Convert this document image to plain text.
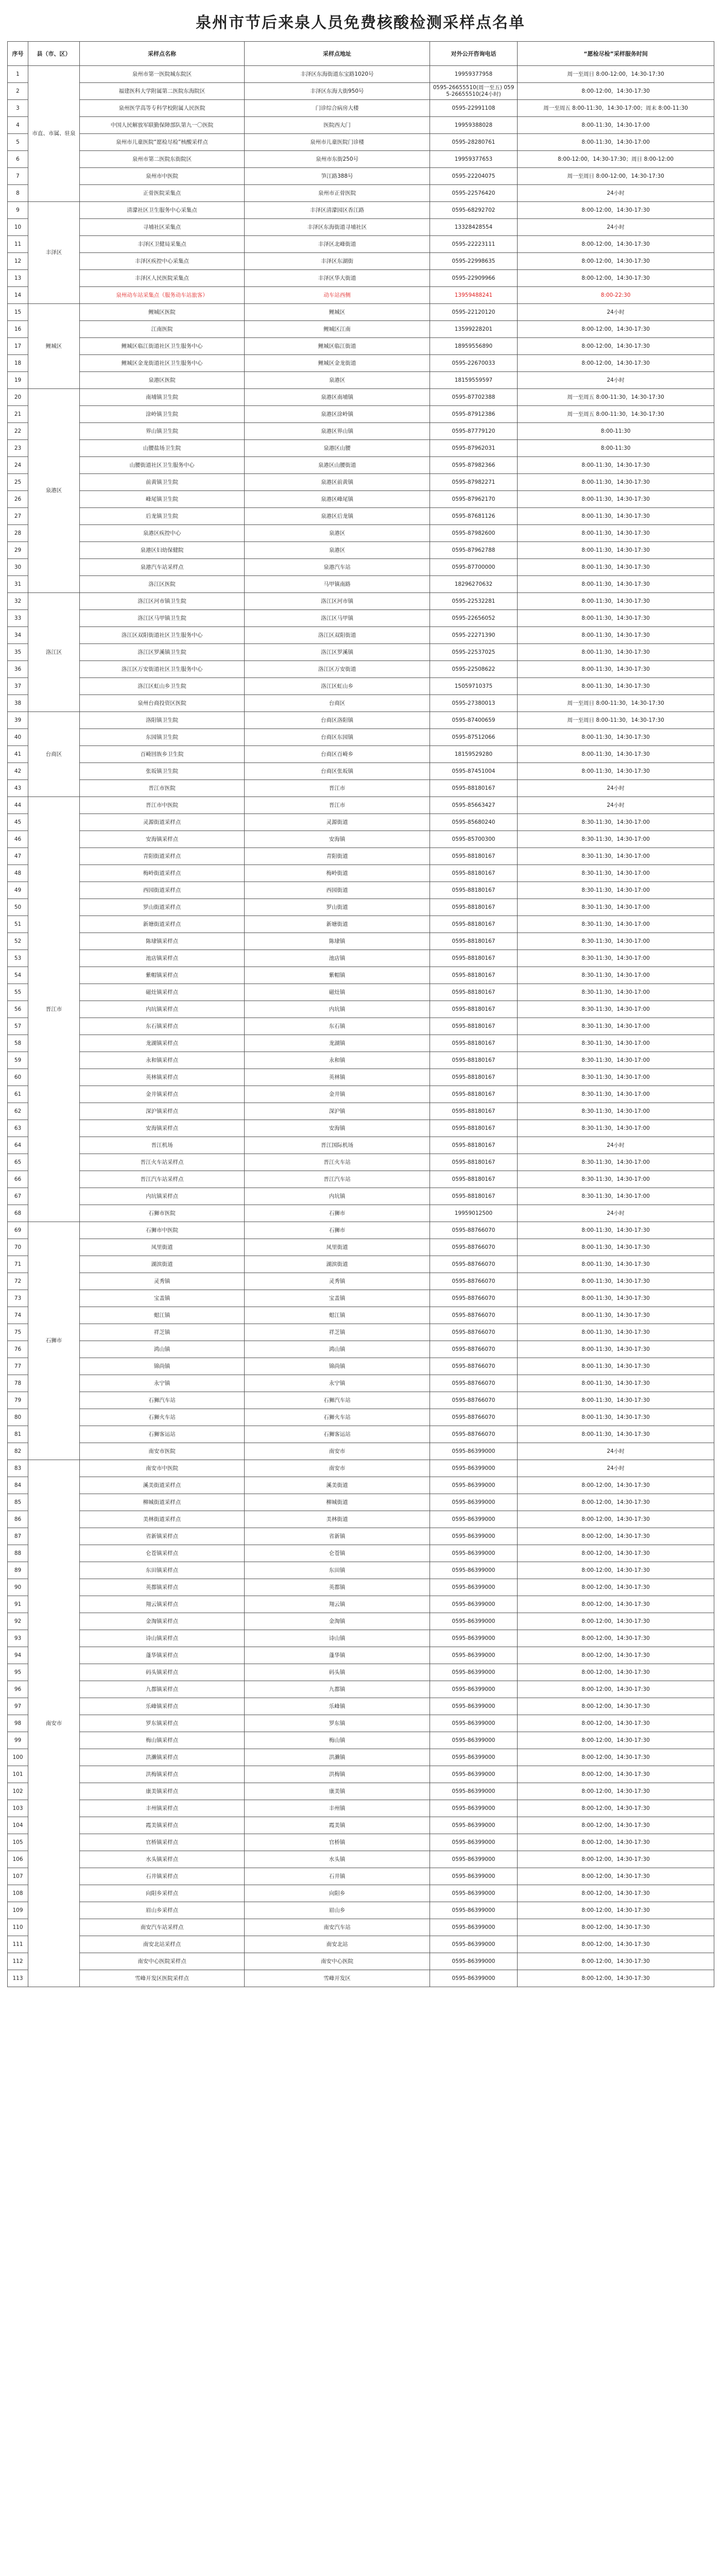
泉州市节后来泉人员免费核酸检测采样点名单
序号	县（市、区）	采样点名称	采样点地址	对外公开咨询电话	“愿检尽检”采样服务时间
1	市直、市属、驻泉	泉州市第一医院城东院区	丰泽区东海街道东宝路1020号	19959377958	周一至周日 8:00-12:00，14:30-17:30
2		福建医科大学附属第二医院东海院区	丰泽区东海大街950号	0595-26655510(周一至五) 0595-26655510(24小时)	8:00-12:00，14:30-17:30
3		泉州医学高等专科学校附属人民医院	门诊综合病房大楼	0595-22991108	周一至周五 8:00-11:30，14:30-17:00；周末 8:00-11:30
4		中国人民解放军联勤保障部队第九一〇医院	医院西大门	19959388028	8:00-11:30，14:30-17:00
5		泉州市儿童医院“愿检尽检”核酸采样点	泉州市儿童医院门诊楼	0595-28280761	8:00-11:30，14:30-17:00
6		泉州市第二医院东街院区	泉州市东街250号	19959377653	8:00-12:00，14:30-17:30；周日 8:00-12:00
7		泉州市中医院	笋江路388号	0595-22204075	周一至周日 8:00-12:00，14:30-17:30
8		正骨医院采集点	泉州市正骨医院	0595-22576420	24小时
9	丰泽区	清濛社区卫生服务中心采集点	丰泽区清濛园区香江路	0595-68292702	8:00-12:00，14:30-17:30
10		寻埔社区采集点	丰泽区东海街道寻埔社区	13328428554	24小时
11		丰泽区卫健局采集点	丰泽区北峰街道	0595-22223111	8:00-12:00，14:30-17:30
12		丰泽区疾控中心采集点	丰泽区东湖街	0595-22998635	8:00-12:00，14:30-17:30
13		丰泽区人民医院采集点	丰泽区华大街道	0595-22909966	8:00-12:00，14:30-17:30
14		泉州动车站采集点（服务动车站旅客）	动车站西侧	13959488241	8:00-22:30
15	鲤城区	鲤城区医院	鲤城区	0595-22120120	24小时
16		江南医院	鲤城区江南	13599228201	8:00-12:00，14:30-17:30
17		鲤城区临江街道社区卫生服务中心	鲤城区临江街道	18959556890	8:00-12:00，14:30-17:30
18		鲤城区金龙街道社区卫生服务中心	鲤城区金龙街道	0595-22670033	8:00-12:00，14:30-17:30
19		泉港区医院	泉港区	18159559597	24小时
20	泉港区	南埔镇卫生院	泉港区南埔镇	0595-87702388	周一至周五 8:00-11:30，14:30-17:30
21		涂岭镇卫生院	泉港区涂岭镇	0595-87912386	周一至周五 8:00-11:30，14:30-17:30
22		界山镇卫生院	泉港区界山镇	0595-87779120	8:00-11:30
23		山腰盐场卫生院	泉港区山腰	0595-87962031	8:00-11:30
24		山腰街道社区卫生服务中心	泉港区山腰街道	0595-87982366	8:00-11:30，14:30-17:30
25		前黄镇卫生院	泉港区前黄镇	0595-87982271	8:00-11:30，14:30-17:30
26		峰尾镇卫生院	泉港区峰尾镇	0595-87962170	8:00-11:30，14:30-17:30
27		后龙镇卫生院	泉港区后龙镇	0595-87681126	8:00-11:30，14:30-17:30
28		泉港区疾控中心	泉港区	0595-87982600	8:00-11:30，14:30-17:30
29		泉港区妇幼保健院	泉港区	0595-87962788	8:00-11:30，14:30-17:30
30		泉港汽车站采样点	泉港汽车站	0595-87700000	8:00-11:30，14:30-17:30
31		洛江区医院	马甲镇南路	18296270632	8:00-11:30，14:30-17:30
32	洛江区	洛江区河市镇卫生院	洛江区河市镇	0595-22532281	8:00-11:30，14:30-17:30
33		洛江区马甲镇卫生院	洛江区马甲镇	0595-22656052	8:00-11:30，14:30-17:30
34		洛江区双阳街道社区卫生服务中心	洛江区双阳街道	0595-22271390	8:00-11:30，14:30-17:30
35		洛江区罗溪镇卫生院	洛江区罗溪镇	0595-22537025	8:00-11:30，14:30-17:30
36		洛江区万安街道社区卫生服务中心	洛江区万安街道	0595-22508622	8:00-11:30，14:30-17:30
37		洛江区虹山乡卫生院	洛江区虹山乡	15059710375	8:00-11:30，14:30-17:30
38		泉州台商投资区医院	台商区	0595-27380013	周一至周日 8:00-11:30，14:30-17:30
39	台商区	洛阳镇卫生院	台商区洛阳镇	0595-87400659	周一至周日 8:00-11:30，14:30-17:30
40		东园镇卫生院	台商区东园镇	0595-87512066	8:00-11:30，14:30-17:30
41		百崎回族乡卫生院	台商区百崎乡	18159529280	8:00-11:30，14:30-17:30
42		张坂镇卫生院	台商区张坂镇	0595-87451004	8:00-11:30，14:30-17:30
43		晋江市医院	晋江市	0595-88180167	24小时
44	晋江市	晋江市中医院	晋江市	0595-85663427	24小时
45		灵源街道采样点	灵源街道	0595-85680240	8:30-11:30，14:30-17:00
46		安海镇采样点	安海镇	0595-85700300	8:30-11:30，14:30-17:00
47		青阳街道采样点	青阳街道	0595-88180167	8:30-11:30，14:30-17:00
48		梅岭街道采样点	梅岭街道	0595-88180167	8:30-11:30，14:30-17:00
49		西园街道采样点	西园街道	0595-88180167	8:30-11:30，14:30-17:00
50		罗山街道采样点	罗山街道	0595-88180167	8:30-11:30，14:30-17:00
51		新塘街道采样点	新塘街道	0595-88180167	8:30-11:30，14:30-17:00
52		陈埭镇采样点	陈埭镇	0595-88180167	8:30-11:30，14:30-17:00
53		池店镇采样点	池店镇	0595-88180167	8:30-11:30，14:30-17:00
54		紫帽镇采样点	紫帽镇	0595-88180167	8:30-11:30，14:30-17:00
55		磁灶镇采样点	磁灶镇	0595-88180167	8:30-11:30，14:30-17:00
56		内坑镇采样点	内坑镇	0595-88180167	8:30-11:30，14:30-17:00
57		东石镇采样点	东石镇	0595-88180167	8:30-11:30，14:30-17:00
58		龙湖镇采样点	龙湖镇	0595-88180167	8:30-11:30，14:30-17:00
59		永和镇采样点	永和镇	0595-88180167	8:30-11:30，14:30-17:00
60		英林镇采样点	英林镇	0595-88180167	8:30-11:30，14:30-17:00
61		金井镇采样点	金井镇	0595-88180167	8:30-11:30，14:30-17:00
62		深沪镇采样点	深沪镇	0595-88180167	8:30-11:30，14:30-17:00
63		安海镇采样点	安海镇	0595-88180167	8:30-11:30，14:30-17:00
64		晋江机场	晋江国际机场	0595-88180167	24小时
65		晋江火车站采样点	晋江火车站	0595-88180167	8:30-11:30，14:30-17:00
66		晋江汽车站采样点	晋江汽车站	0595-88180167	8:30-11:30，14:30-17:00
67		内坑镇采样点	内坑镇	0595-88180167	8:30-11:30，14:30-17:00
68		石狮市医院	石狮市	19959012500	24小时
69	石狮市	石狮市中医院	石狮市	0595-88766070	8:00-11:30，14:30-17:30
70		凤里街道	凤里街道	0595-88766070	8:00-11:30，14:30-17:30
71		湖滨街道	湖滨街道	0595-88766070	8:00-11:30，14:30-17:30
72		灵秀镇	灵秀镇	0595-88766070	8:00-11:30，14:30-17:30
73		宝盖镇	宝盖镇	0595-88766070	8:00-11:30，14:30-17:30
74		蚶江镇	蚶江镇	0595-88766070	8:00-11:30，14:30-17:30
75		祥芝镇	祥芝镇	0595-88766070	8:00-11:30，14:30-17:30
76		鸿山镇	鸿山镇	0595-88766070	8:00-11:30，14:30-17:30
77		锦尚镇	锦尚镇	0595-88766070	8:00-11:30，14:30-17:30
78		永宁镇	永宁镇	0595-88766070	8:00-11:30，14:30-17:30
79		石狮汽车站	石狮汽车站	0595-88766070	8:00-11:30，14:30-17:30
80		石狮火车站	石狮火车站	0595-88766070	8:00-11:30，14:30-17:30
81		石狮客运站	石狮客运站	0595-88766070	8:00-11:30，14:30-17:30
82		南安市医院	南安市	0595-86399000	24小时
83	南安市	南安市中医院	南安市	0595-86399000	24小时
84		溪美街道采样点	溪美街道	0595-86399000	8:00-12:00，14:30-17:30
85		柳城街道采样点	柳城街道	0595-86399000	8:00-12:00，14:30-17:30
86		美林街道采样点	美林街道	0595-86399000	8:00-12:00，14:30-17:30
87		省新镇采样点	省新镇	0595-86399000	8:00-12:00，14:30-17:30
88		仑苍镇采样点	仑苍镇	0595-86399000	8:00-12:00，14:30-17:30
89		东田镇采样点	东田镇	0595-86399000	8:00-12:00，14:30-17:30
90		英都镇采样点	英都镇	0595-86399000	8:00-12:00，14:30-17:30
91		翔云镇采样点	翔云镇	0595-86399000	8:00-12:00，14:30-17:30
92		金淘镇采样点	金淘镇	0595-86399000	8:00-12:00，14:30-17:30
93		诗山镇采样点	诗山镇	0595-86399000	8:00-12:00，14:30-17:30
94		蓬华镇采样点	蓬华镇	0595-86399000	8:00-12:00，14:30-17:30
95		码头镇采样点	码头镇	0595-86399000	8:00-12:00，14:30-17:30
96		九都镇采样点	九都镇	0595-86399000	8:00-12:00，14:30-17:30
97		乐峰镇采样点	乐峰镇	0595-86399000	8:00-12:00，14:30-17:30
98		罗东镇采样点	罗东镇	0595-86399000	8:00-12:00，14:30-17:30
99		梅山镇采样点	梅山镇	0595-86399000	8:00-12:00，14:30-17:30
100		洪濑镇采样点	洪濑镇	0595-86399000	8:00-12:00，14:30-17:30
101		洪梅镇采样点	洪梅镇	0595-86399000	8:00-12:00，14:30-17:30
102		康美镇采样点	康美镇	0595-86399000	8:00-12:00，14:30-17:30
103		丰州镇采样点	丰州镇	0595-86399000	8:00-12:00，14:30-17:30
104		霞美镇采样点	霞美镇	0595-86399000	8:00-12:00，14:30-17:30
105		官桥镇采样点	官桥镇	0595-86399000	8:00-12:00，14:30-17:30
106		水头镇采样点	水头镇	0595-86399000	8:00-12:00，14:30-17:30
107		石井镇采样点	石井镇	0595-86399000	8:00-12:00，14:30-17:30
108		向阳乡采样点	向阳乡	0595-86399000	8:00-12:00，14:30-17:30
109		眉山乡采样点	眉山乡	0595-86399000	8:00-12:00，14:30-17:30
110		南安汽车站采样点	南安汽车站	0595-86399000	8:00-12:00，14:30-17:30
111		南安北站采样点	南安北站	0595-86399000	8:00-12:00，14:30-17:30
112		南安中心医院采样点	南安中心医院	0595-86399000	8:00-12:00，14:30-17:30
113		雪峰开发区医院采样点	雪峰开发区	0595-86399000	8:00-12:00，14:30-17:30
